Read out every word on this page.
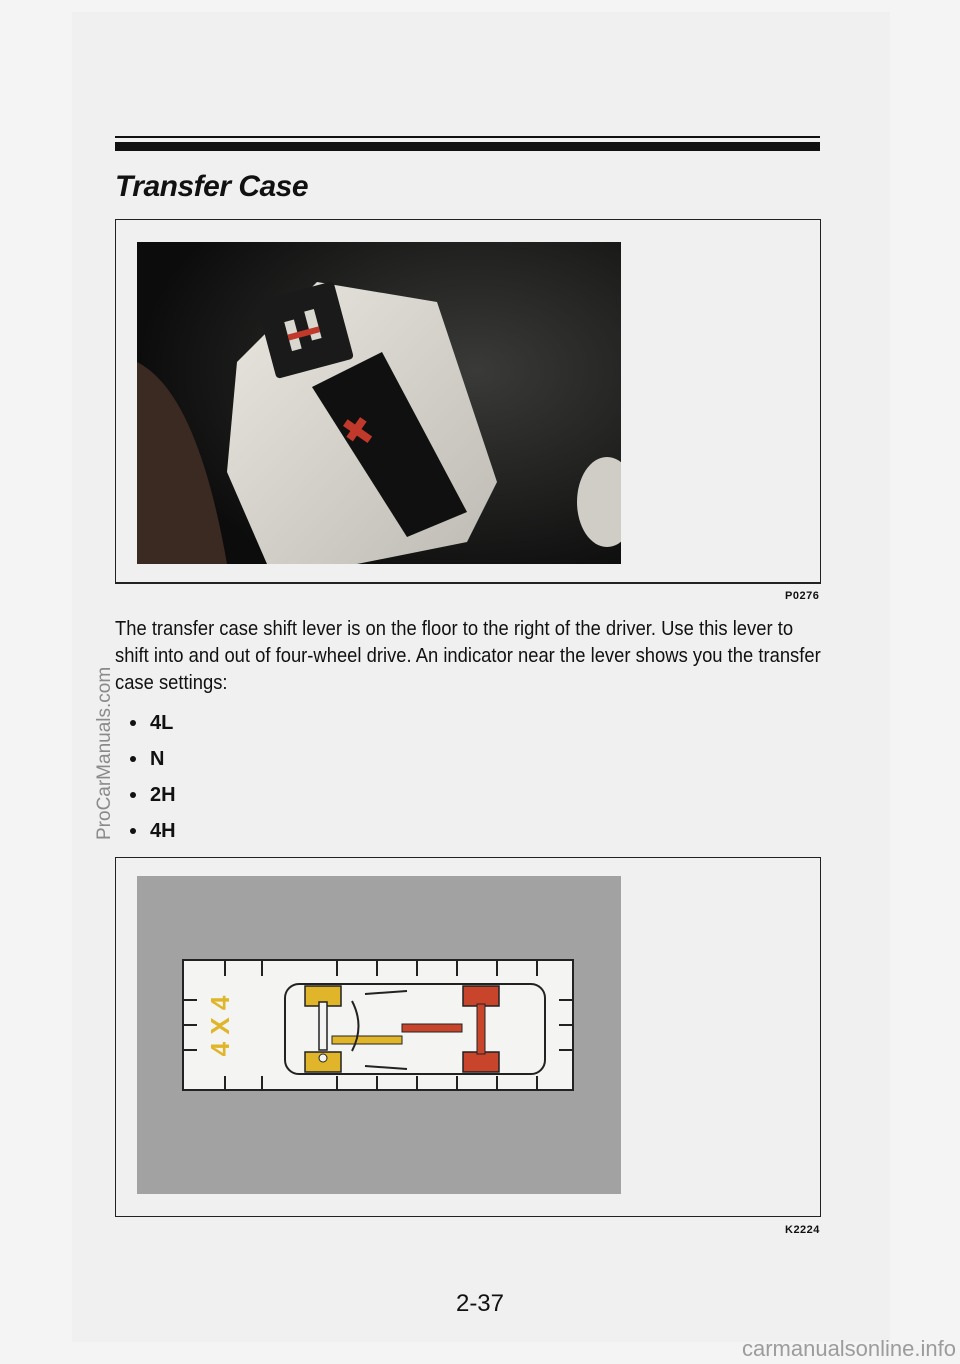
Transfer Case
P0276

The transfer case shift lever is on the floor to the right of the driver. Use this lever to shift into and out of four-wheel drive. An indicator near the lever shows you the transfer case settings:

4L
N
2H
4H
4 X 4
K2224
2-37
ProCarManuals.com
carmanualsonline.info
